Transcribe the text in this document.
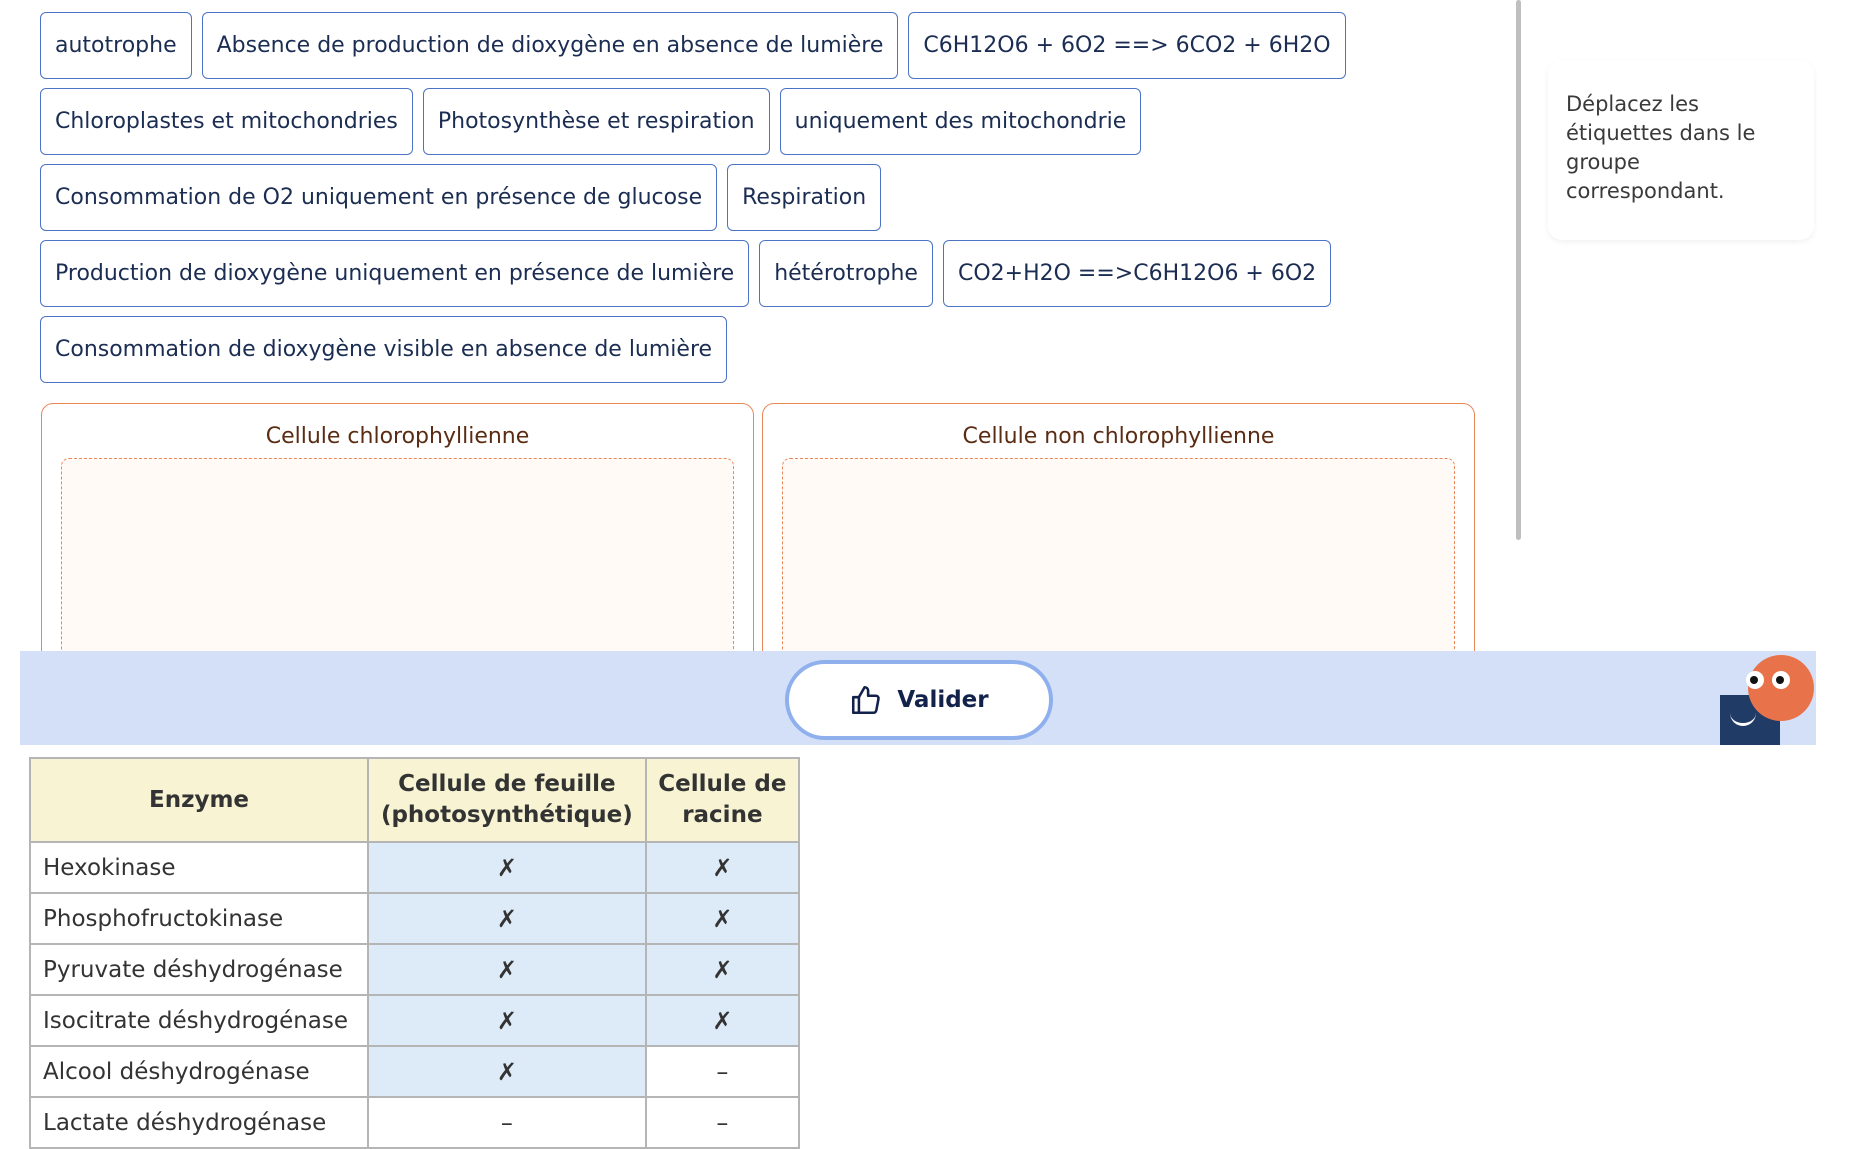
autotrophe	Absence de production de dioxygène en absence de lumière	C6H12O6 + 6O2 ==> 6CO2 + 6H2O
Chloroplastes et mitochondries	Photosynthèse et respiration	uniquement des mitochondrie
Consommation de O2 uniquement en présence de glucose	Respiration
Production de dioxygène uniquement en présence de lumière	hétérotrophe	CO2+H2O ==>C6H12O6 + 6O2
Consommation de dioxygène visible en absence de lumière
Cellule chlorophyllienne	Cellule non chlorophyllienne
Déplacez les étiquettes dans le groupe correspondant.
Valider
Enzyme	Cellule de feuille (photosynthétique)	Cellule de racine
Hexokinase	✗	✗
Phosphofructokinase	✗	✗
Pyruvate déshydrogénase	✗	✗
Isocitrate déshydrogénase	✗	✗
Alcool déshydrogénase	✗	–
Lactate déshydrogénase	–	–
